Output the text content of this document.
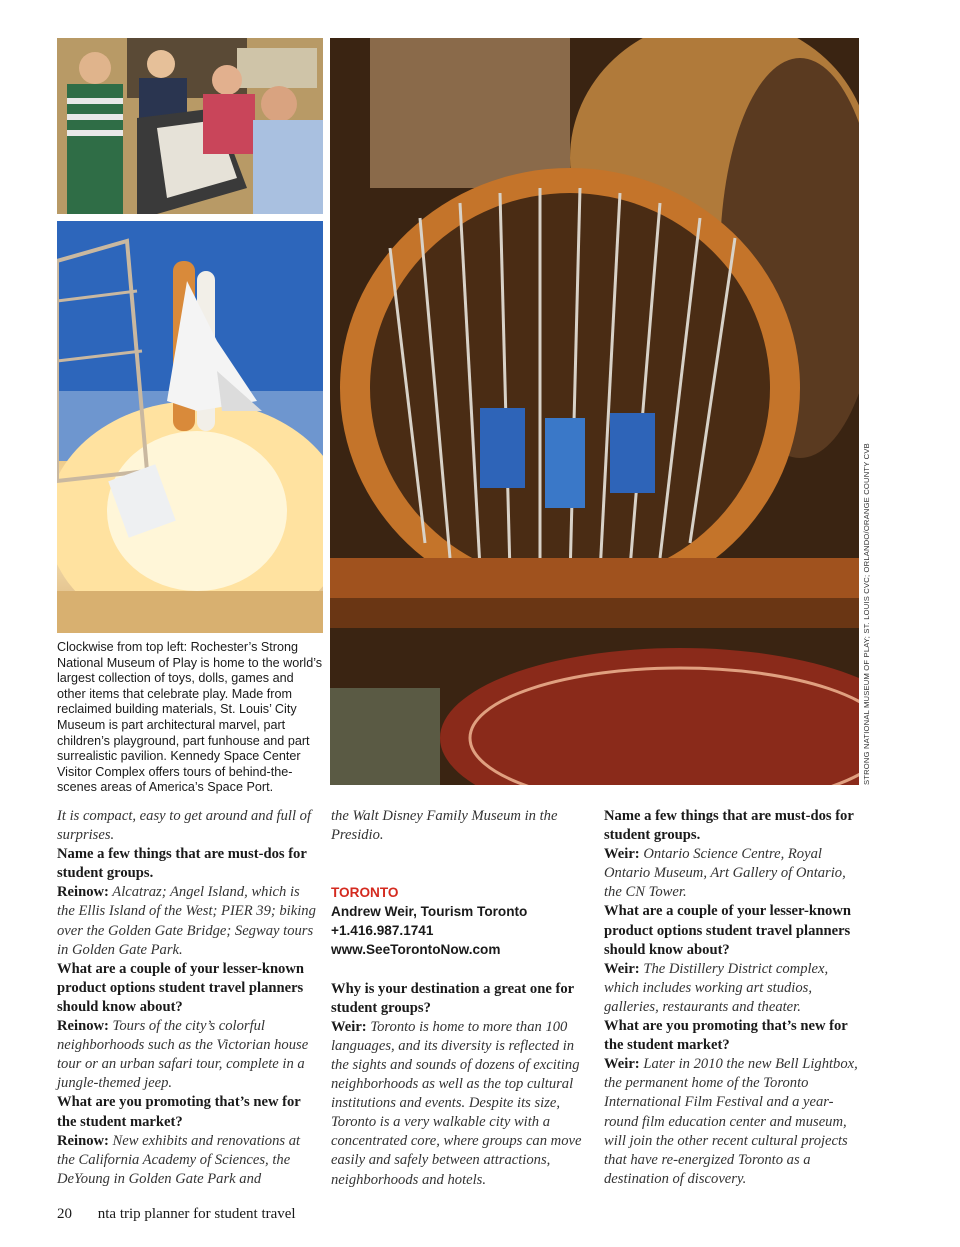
Clockwise from top left: Rochester’s Strong National Museum of Play is home to the world’s largest collection of toys, dolls, games and other items that celebrate play. Made from reclaimed building materials, St. Louis’ City Museum is part architectural marvel, part children’s playground, part funhouse and part surrealistic pavilion. Kennedy Space Center Visitor Complex offers tours of behind-the-scenes areas of America’s Space Port.
STRONG NATIONAL MUSEUM OF PLAY; ST. LOUIS CVC; ORLANDO/ORANGE COUNTY CVB

It is compact, easy to get around and full of surprises.

Name a few things that are must-dos for student groups.

Reinow: Alcatraz; Angel Island, which is the Ellis Island of the West; PIER 39; biking over the Golden Gate Bridge; Segway tours in Golden Gate Park.

What are a couple of your lesser-known product options student travel planners should know about?

Reinow: Tours of the city’s colorful neighborhoods such as the Victorian house tour or an urban safari tour, complete in a jungle-themed jeep.

What are you promoting that’s new for the student market?

Reinow: New exhibits and renovations at the California Academy of Sciences, the DeYoung in Golden Gate Park and

the Walt Disney Family Museum in the Presidio.

TORONTO

Andrew Weir, Tourism Toronto

+1.416.987.1741

www.SeeTorontoNow.com

Why is your destination a great one for student groups?

Weir: Toronto is home to more than 100 languages, and its diversity is reflected in the sights and sounds of dozens of exciting neighborhoods as well as the top cultural institutions and events. Despite its size, Toronto is a very walkable city with a concentrated core, where groups can move easily and safely between attractions, neighborhoods and hotels.

Name a few things that are must-dos for student groups.

Weir: Ontario Science Centre, Royal Ontario Museum, Art Gallery of Ontario, the CN Tower.

What are a couple of your lesser-known product options student travel planners should know about?

Weir: The Distillery District complex, which includes working art studios, galleries, restaurants and theater.

What are you promoting that’s new for the student market?

Weir: Later in 2010 the new Bell Lightbox, the permanent home of the Toronto International Film Festival and a year-round film education center and museum, will join the other recent cultural projects that have re-energized Toronto as a destination of discovery.

20 nta trip planner for student travel
